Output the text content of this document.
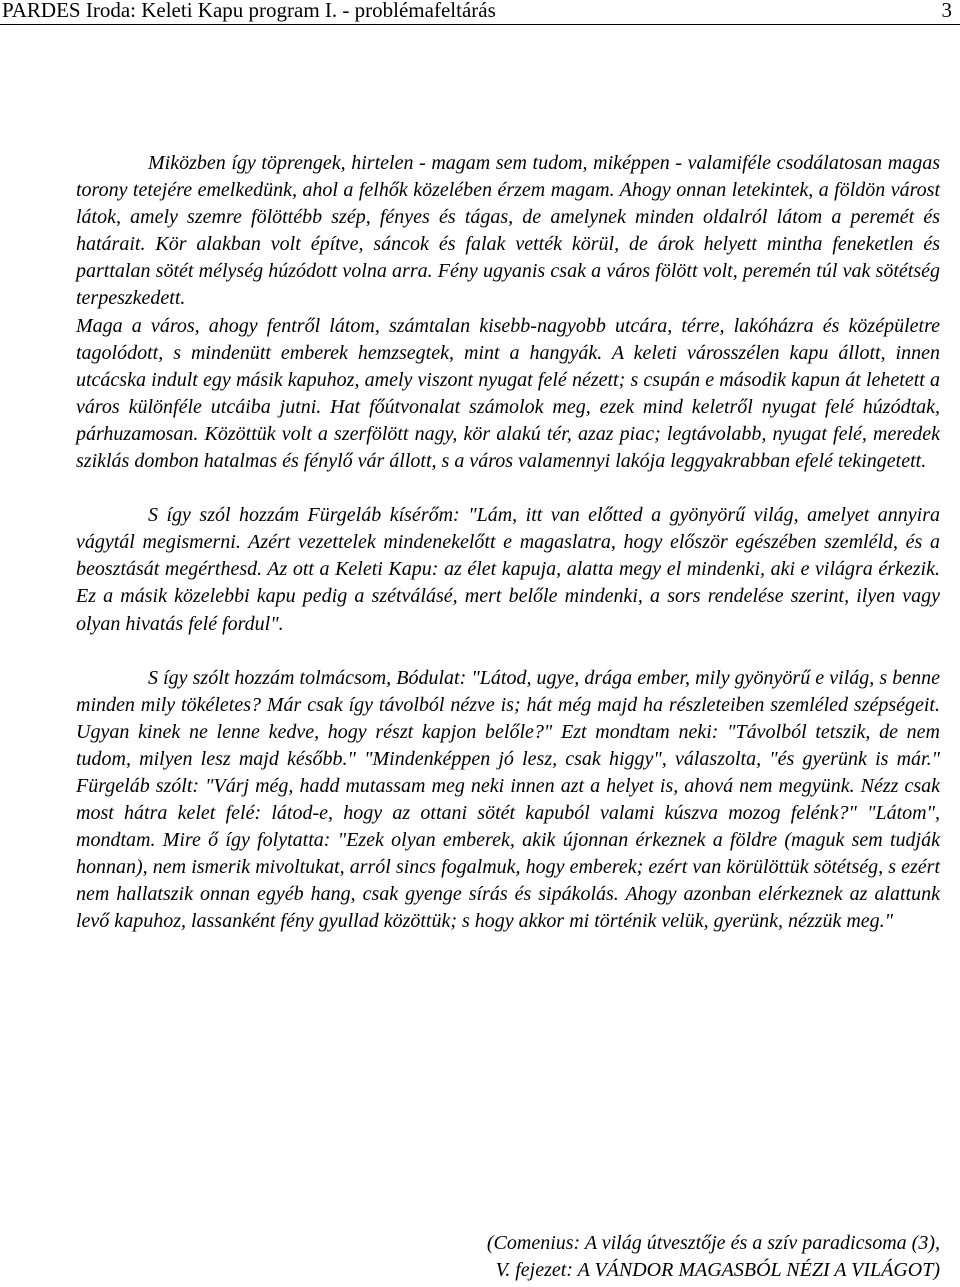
PARDES Iroda: Keleti Kapu program I. - problémafeltárás	3

Miközben így töprengek, hirtelen - magam sem tudom, miképpen - valamiféle csodálatosan magas torony tetejére emelkedünk, ahol a felhők közelében érzem magam. Ahogy onnan letekintek, a földön várost látok, amely szemre fölöttébb szép, fényes és tágas, de amelynek minden oldalról látom a peremét és határait. Kör alakban volt építve, sáncok és falak vették körül, de árok helyett mintha feneketlen és parttalan sötét mélység húzódott volna arra. Fény ugyanis csak a város fölött volt, peremén túl vak sötétség terpeszkedett.

Maga a város, ahogy fentről látom, számtalan kisebb-nagyobb utcára, térre, lakóházra és középületre tagolódott, s mindenütt emberek hemzsegtek, mint a hangyák. A keleti városszélen kapu állott, innen utcácska indult egy másik kapuhoz, amely viszont nyugat felé nézett; s csupán e második kapun át lehetett a város különféle utcáiba jutni. Hat főútvonalat számolok meg, ezek mind keletről nyugat felé húzódtak, párhuzamosan. Közöttük volt a szerfölött nagy, kör alakú tér, azaz piac; legtávolabb, nyugat felé, meredek sziklás dombon hatalmas és fénylő vár állott, s a város valamennyi lakója leggyakrabban efelé tekingetett.

S így szól hozzám Fürgeláb kísérőm: "Lám, itt van előtted a gyönyörű világ, amelyet annyira vágytál megismerni. Azért vezettelek mindenekelőtt e magaslatra, hogy először egészében szemléld, és a beosztását megérthesd. Az ott a Keleti Kapu: az élet kapuja, alatta megy el mindenki, aki e világra érkezik. Ez a másik közelebbi kapu pedig a szétválásé, mert belőle mindenki, a sors rendelése szerint, ilyen vagy olyan hivatás felé fordul".

S így szólt hozzám tolmácsom, Bódulat: "Látod, ugye, drága ember, mily gyönyörű e világ, s benne minden mily tökéletes? Már csak így távolból nézve is; hát még majd ha részleteiben szemléled szépségeit. Ugyan kinek ne lenne kedve, hogy részt kapjon belőle?" Ezt mondtam neki: "Távolból tetszik, de nem tudom, milyen lesz majd később." "Mindenképpen jó lesz, csak higgy", válaszolta, "és gyerünk is már." Fürgeláb szólt: "Várj még, hadd mutassam meg neki innen azt a helyet is, ahová nem megyünk. Nézz csak most hátra kelet felé: látod-e, hogy az ottani sötét kapuból valami kúszva mozog felénk?" "Látom", mondtam. Mire ő így folytatta: "Ezek olyan emberek, akik újonnan érkeznek a földre (maguk sem tudják honnan), nem ismerik mivoltukat, arról sincs fogalmuk, hogy emberek; ezért van körülöttük sötétség, s ezért nem hallatszik onnan egyéb hang, csak gyenge sírás és sipákolás. Ahogy azonban elérkeznek az alattunk levő kapuhoz, lassanként fény gyullad közöttük; s hogy akkor mi történik velük, gyerünk, nézzük meg."

(Comenius: A világ útvesztője és a szív paradicsoma (3),
V. fejezet: A VÁNDOR MAGASBÓL NÉZI A VILÁGOT)
